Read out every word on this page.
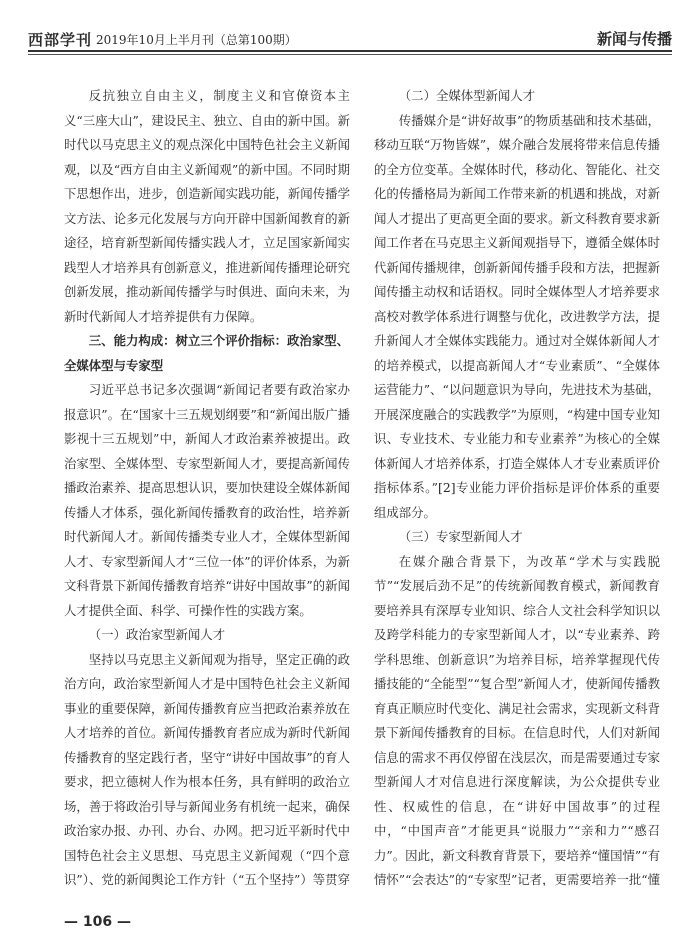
西部学刊 2019年10月上半月刊（总第100期）	新闻与传播

反抗独立自由主义，制度主义和官僚资本主义“三座大山”，建设民主、独立、自由的新中国。新时代以马克思主义的观点深化中国特色社会主义新闻观，以及“西方自由主义新闻观”的新中国。不同时期下思想作出，进步，创造新闻实践功能，新闻传播学文方法、论多元化发展与方向开辟中国新闻教育的新途径，培育新型新闻传播实践人才，立足国家新闻实践型人才培养具有创新意义，推进新闻传播理论研究创新发展，推动新闻传播学与时俱进、面向未来，为新时代新闻人才培养提供有力保障。

三、能力构成：树立三个评价指标：政治家型、全媒体型与专家型

习近平总书记多次强调“新闻记者要有政治家办报意识”。在“国家十三五规划纲要”和“新闻出版广播影视十三五规划”中，新闻人才政治素养被提出。政治家型、全媒体型、专家型新闻人才，要提高新闻传播政治素养、提高思想认识，要加快建设全媒体新闻传播人才体系，强化新闻传播教育的政治性，培养新时代新闻人才。新闻传播类专业人才，全媒体型新闻人才、专家型新闻人才“三位一体”的评价体系，为新文科背景下新闻传播教育培养“讲好中国故事”的新闻人才提供全面、科学、可操作性的实践方案。

（一）政治家型新闻人才

坚持以马克思主义新闻观为指导，坚定正确的政治方向，政治家型新闻人才是中国特色社会主义新闻事业的重要保障，新闻传播教育应当把政治素养放在人才培养的首位。新闻传播教育者应成为新时代新闻传播教育的坚定践行者，坚守“讲好中国故事”的育人要求，把立德树人作为根本任务，具有鲜明的政治立场，善于将政治引导与新闻业务有机统一起来，确保政治家办报、办刊、办台、办网。把习近平新时代中国特色社会主义思想、马克思主义新闻观（“四个意识”）、党的新闻舆论工作方针（“五个坚持”）等贯穿

（二）全媒体型新闻人才

传播媒介是“讲好故事”的物质基础和技术基础，移动互联“万物皆媒”，媒介融合发展将带来信息传播的全方位变革。全媒体时代，移动化、智能化、社交化的传播格局为新闻工作带来新的机遇和挑战，对新闻人才提出了更高更全面的要求。新文科教育要求新闻工作者在马克思主义新闻观指导下，遵循全媒体时代新闻传播规律，创新新闻传播手段和方法，把握新闻传播主动权和话语权。同时全媒体型人才培养要求高校对教学体系进行调整与优化，改进教学方法，提升新闻人才全媒体实践能力。通过对全媒体新闻人才的培养模式，以提高新闻人才“专业素质”、“全媒体运营能力”、“以问题意识为导向，先进技术为基础，开展深度融合的实践教学”为原则，“构建中国专业知识、专业技术、专业能力和专业素养”为核心的全媒体新闻人才培养体系，打造全媒体人才专业素质评价指标体系。”[2]专业能力评价指标是评价体系的重要组成部分。

（三）专家型新闻人才

在媒介融合背景下，为改革“学术与实践脱节”“发展后劲不足”的传统新闻教育模式，新闻教育要培养具有深厚专业知识、综合人文社会科学知识以及跨学科能力的专家型新闻人才，以“专业素养、跨学科思维、创新意识”为培养目标，培养掌握现代传播技能的“全能型”“复合型”新闻人才，使新闻传播教育真正顺应时代变化、满足社会需求，实现新文科背景下新闻传播教育的目标。在信息时代，人们对新闻信息的需求不再仅停留在浅层次，而是需要通过专家型新闻人才对信息进行深度解读，为公众提供专业性、权威性的信息，在“讲好中国故事”的过程中，“中国声音”才能更具“说服力”“亲和力”“感召力”。因此，新文科教育背景下，要培养“懂国情”“有情怀”“会表达”的“专家型”记者，更需要培养一批“懂

— 106 —
